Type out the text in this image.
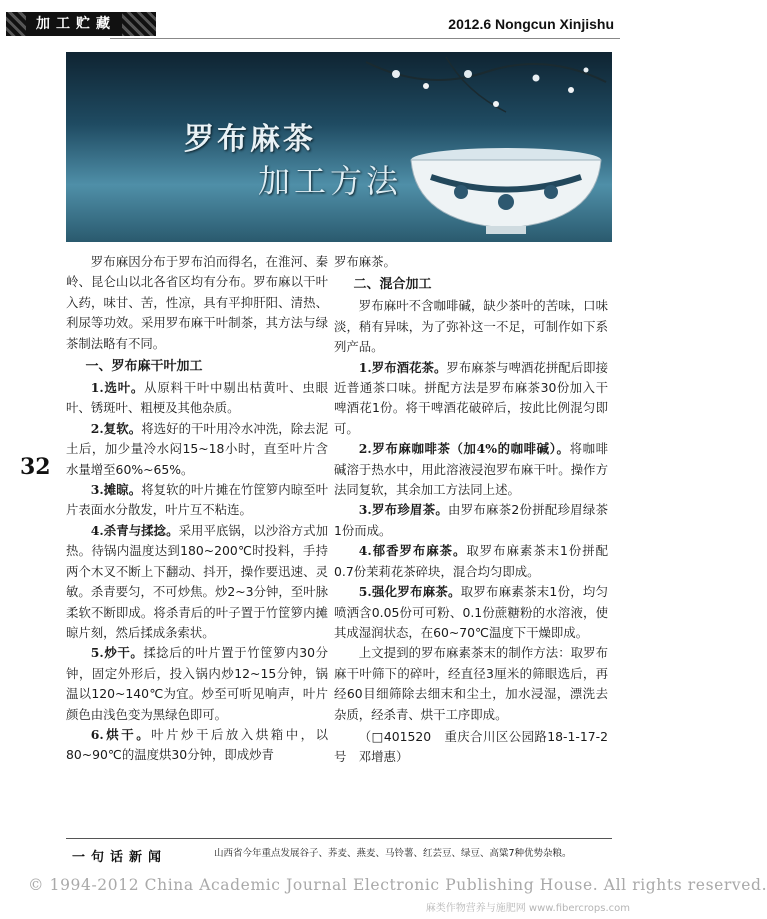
加工贮藏	2012.6 Nongcun Xinjishu
罗布麻茶
加工方法
32

罗布麻因分布于罗布泊而得名，在淮河、秦岭、昆仑山以北各省区均有分布。罗布麻以干叶入药，味甘、苦，性凉，具有平抑肝阳、清热、利尿等功效。采用罗布麻干叶制茶，其方法与绿茶制法略有不同。

一、罗布麻干叶加工

1.选叶。从原料干叶中剔出枯黄叶、虫眼叶、锈斑叶、粗梗及其他杂质。

2.复软。将选好的干叶用冷水冲洗，除去泥土后，加少量冷水闷15~18小时，直至叶片含水量增至60%~65%。

3.摊晾。将复软的叶片摊在竹筐箩内晾至叶片表面水分散发，叶片互不粘连。

4.杀青与揉捻。采用平底锅，以沙浴方式加热。待锅内温度达到180~200℃时投料，手持两个木叉不断上下翻动、抖开，操作要迅速、灵敏。杀青要匀，不可炒焦。炒2~3分钟，至叶脉柔软不断即成。将杀青后的叶子置于竹筐箩内摊晾片刻，然后揉成条索状。

5.炒干。揉捻后的叶片置于竹筐箩内30分钟，固定外形后，投入锅内炒12~15分钟，锅温以120~140℃为宜。炒至可听见响声，叶片颜色由浅色变为黑绿色即可。

6.烘干。叶片炒干后放入烘箱中，以80~90℃的温度烘30分钟，即成炒青

罗布麻茶。

二、混合加工

罗布麻叶不含咖啡碱，缺少茶叶的苦味，口味淡，稍有异味，为了弥补这一不足，可制作如下系列产品。

1.罗布酒花茶。罗布麻茶与啤酒花拼配后即接近普通茶口味。拼配方法是罗布麻茶30份加入干啤酒花1份。将干啤酒花破碎后，按此比例混匀即可。

2.罗布麻咖啡茶（加4%的咖啡碱）。将咖啡碱溶于热水中，用此溶液浸泡罗布麻干叶。操作方法同复软，其余加工方法同上述。

3.罗布珍眉茶。由罗布麻茶2份拼配珍眉绿茶1份而成。

4.郁香罗布麻茶。取罗布麻素茶末1份拼配0.7份茉莉花茶碎块，混合均匀即成。

5.强化罗布麻茶。取罗布麻素茶末1份，均匀喷洒含0.05份可可粉、0.1份蔗糖粉的水溶液，使其成湿润状态，在60~70℃温度下干燥即成。

上文提到的罗布麻素茶末的制作方法：取罗布麻干叶筛下的碎叶，经直径3厘米的筛眼选后，再经60目细筛除去细末和尘土，加水浸湿，漂洗去杂质，经杀青、烘干工序即成。

（□401520　重庆合川区公园路18-1-17-2号　邓增惠）

一句话新闻	山西省今年重点发展谷子、荞麦、燕麦、马铃薯、红芸豆、绿豆、高粱7种优势杂粮。
© 1994-2012 China Academic Journal Electronic Publishing House. All rights reserved.
麻类作物营养与施肥网 www.fibercrops.com
